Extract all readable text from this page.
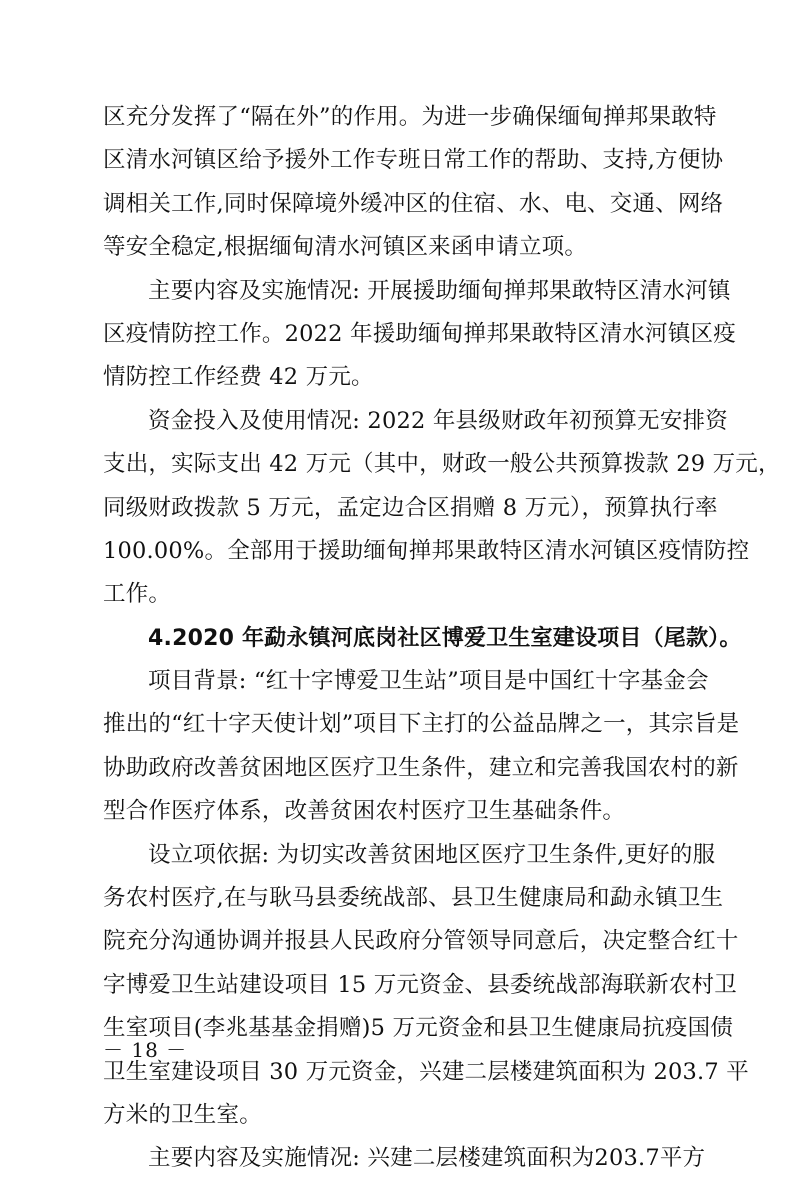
区充分发挥了“隔在外”的作用。为进一步确保缅甸掸邦果敢特
区清水河镇区给予援外工作专班日常工作的帮助、支持,方便协
调相关工作,同时保障境外缓冲区的住宿、水、电、交通、网络
等安全稳定,根据缅甸清水河镇区来函申请立项。
主要内容及实施情况: 开展援助缅甸掸邦果敢特区清水河镇
区疫情防控工作。2022 年援助缅甸掸邦果敢特区清水河镇区疫
情防控工作经费 42 万元。
资金投入及使用情况: 2022 年县级财政年初预算无安排资
支出，实际支出 42 万元（其中，财政一般公共预算拨款 29 万元，
同级财政拨款 5 万元，孟定边合区捐赠 8 万元），预算执行率
100.00%。全部用于援助缅甸掸邦果敢特区清水河镇区疫情防控
工作。
4.2020 年勐永镇河底岗社区博爱卫生室建设项目（尾款）。
项目背景: “红十字博爱卫生站”项目是中国红十字基金会
推出的“红十字天使计划”项目下主打的公益品牌之一，其宗旨是
协助政府改善贫困地区医疗卫生条件，建立和完善我国农村的新
型合作医疗体系，改善贫困农村医疗卫生基础条件。
设立项依据: 为切实改善贫困地区医疗卫生条件,更好的服
务农村医疗,在与耿马县委统战部、县卫生健康局和勐永镇卫生
院充分沟通协调并报县人民政府分管领导同意后，决定整合红十
字博爱卫生站建设项目 15 万元资金、县委统战部海联新农村卫
生室项目(李兆基基金捐赠)5 万元资金和县卫生健康局抗疫国债
卫生室建设项目 30 万元资金，兴建二层楼建筑面积为 203.7 平
方米的卫生室。
主要内容及实施情况: 兴建二层楼建筑面积为203.7平方
－ 18 －
